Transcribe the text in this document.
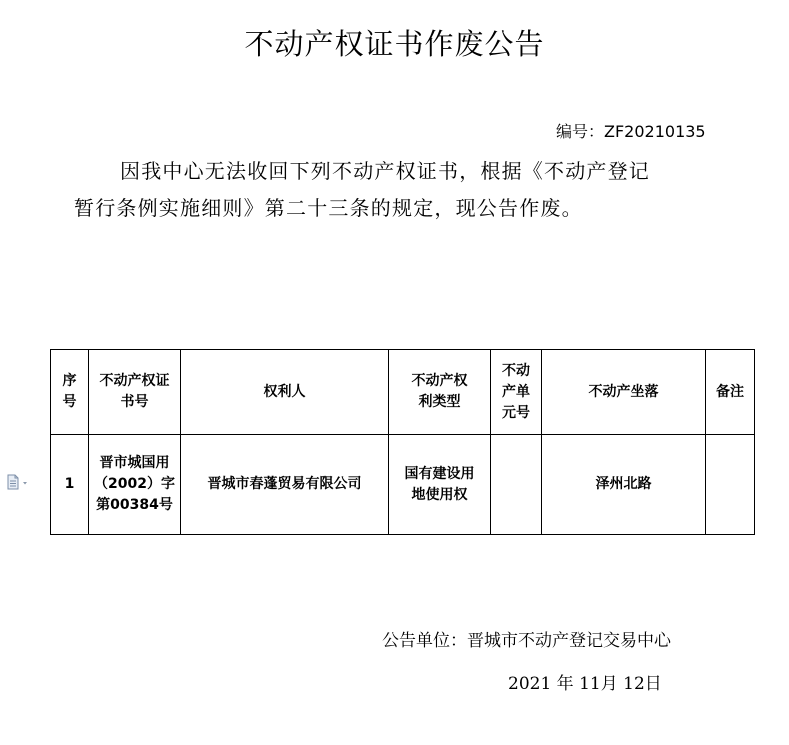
不动产权证书作废公告
编号：ZF20210135
因我中心无法收回下列不动产权证书，根据《不动产登记
暂行条例实施细则》第二十三条的规定，现公告作废。
序号	不动产权证书号	权利人	不动产权利类型	不动产单元号	不动产坐落	备注
1	晋市城国用（2002）字第00384号	晋城市春蓬贸易有限公司	国有建设用地使用权		泽州北路	
公告单位：晋城市不动产登记交易中心
2021 年 11月 12日
